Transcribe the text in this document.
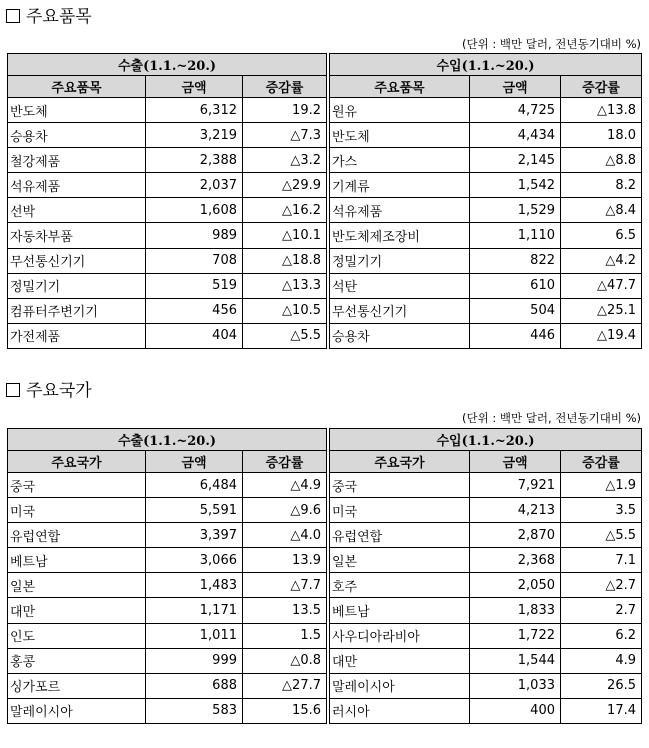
주요품목
(단위 : 백만 달러, 전년동기대비 %)
수출(1.1.~20.)				수입(1.1.~20.)		
주요품목	금액	증감률		주요품목	금액	증감률
반도체	6,312	19.2		원유	4,725	△13.8
승용차	3,219	△7.3		반도체	4,434	18.0
철강제품	2,388	△3.2		가스	2,145	△8.8
석유제품	2,037	△29.9		기계류	1,542	8.2
선박	1,608	△16.2		석유제품	1,529	△8.4
자동차부품	989	△10.1		반도체제조장비	1,110	6.5
무선통신기기	708	△18.8		정밀기기	822	△4.2
정밀기기	519	△13.3		석탄	610	△47.7
컴퓨터주변기기	456	△10.5		무선통신기기	504	△25.1
가전제품	404	△5.5		승용차	446	△19.4
주요국가
(단위 : 백만 달러, 전년동기대비 %)
수출(1.1.~20.)				수입(1.1.~20.)		
주요국가	금액	증감률		주요국가	금액	증감률
중국	6,484	△4.9		중국	7,921	△1.9
미국	5,591	△9.6		미국	4,213	3.5
유럽연합	3,397	△4.0		유럽연합	2,870	△5.5
베트남	3,066	13.9		일본	2,368	7.1
일본	1,483	△7.7		호주	2,050	△2.7
대만	1,171	13.5		베트남	1,833	2.7
인도	1,011	1.5		사우디아라비아	1,722	6.2
홍콩	999	△0.8		대만	1,544	4.9
싱가포르	688	△27.7		말레이시아	1,033	26.5
말레이시아	583	15.6		러시아	400	17.4
